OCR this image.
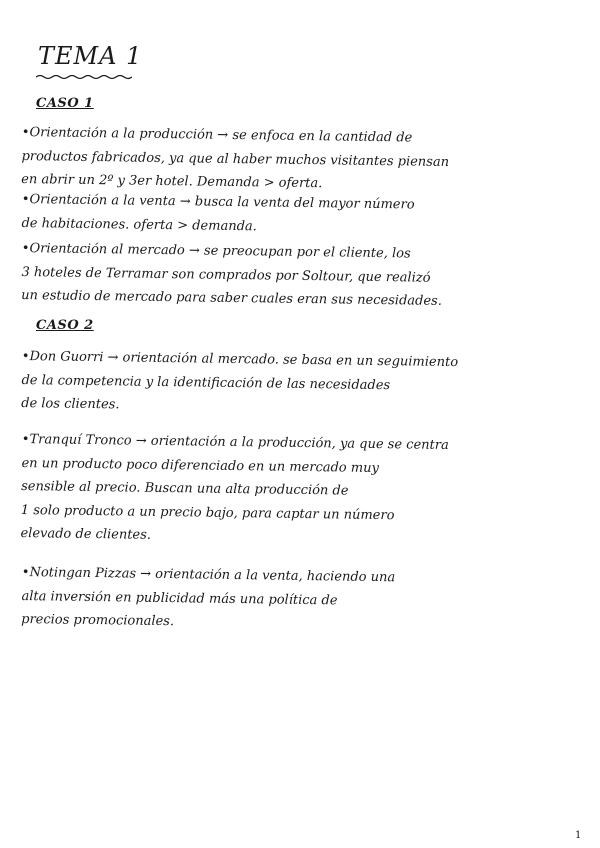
TEMA 1
CASO 1
•Orientación a la producción → se enfoca en la cantidad de
productos fabricados, ya que al haber muchos visitantes piensan
en abrir un 2º y 3er hotel. Demanda > oferta.
•Orientación a la venta → busca la venta del mayor número
de habitaciones. oferta > demanda.
•Orientación al mercado → se preocupan por el cliente, los
3 hoteles de Terramar son comprados por Soltour, que realizó
un estudio de mercado para saber cuales eran sus necesidades.
CASO 2
•Don Guorri → orientación al mercado. se basa en un seguimiento
de la competencia y la identificación de las necesidades
de los clientes.
•Tranquí Tronco → orientación a la producción, ya que se centra
en un producto poco diferenciado en un mercado muy
sensible al precio. Buscan una alta producción de
1 solo producto a un precio bajo, para captar un número
elevado de clientes.
•Notingan Pizzas → orientación a la venta, haciendo una
alta inversión en publicidad más una política de
precios promocionales.
1
